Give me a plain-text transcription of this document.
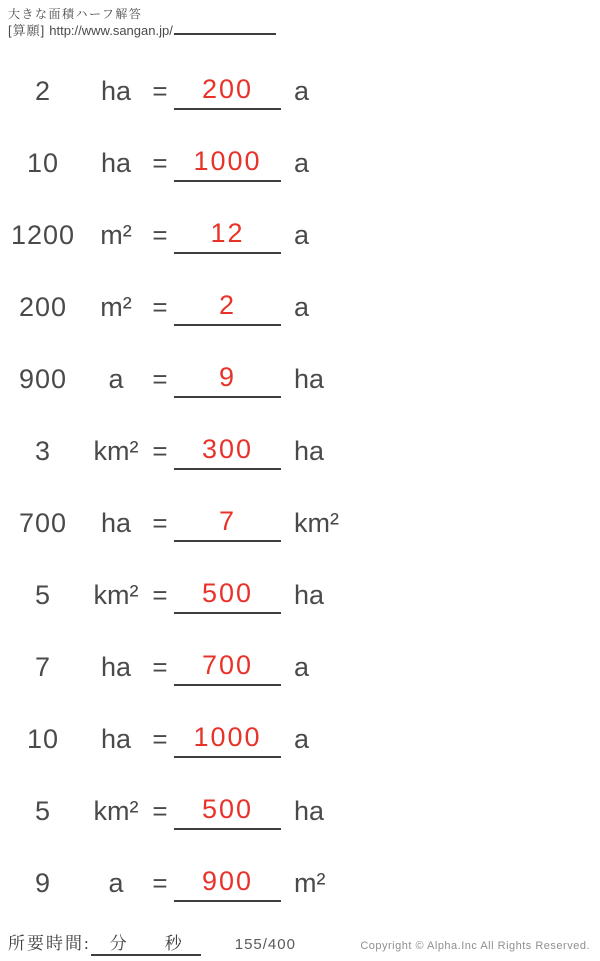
大きな面積ハーフ解答
[算願] http://www.sangan.jp/
2	ha =	200	a
10	ha = 1000	a
1200 m² =	12	a
200	m² =	2	a
900	a	=	9	ha
3	km² =	300	ha
700	ha =	7	km²
5	km² =	500	ha
7	ha =	700	a
10	ha = 1000	a
5	km² =	500	ha
9	a	=	900	m²
所要時間: 分 秒	155/400	Copyright © Alpha.Inc All Rights Reserved.
